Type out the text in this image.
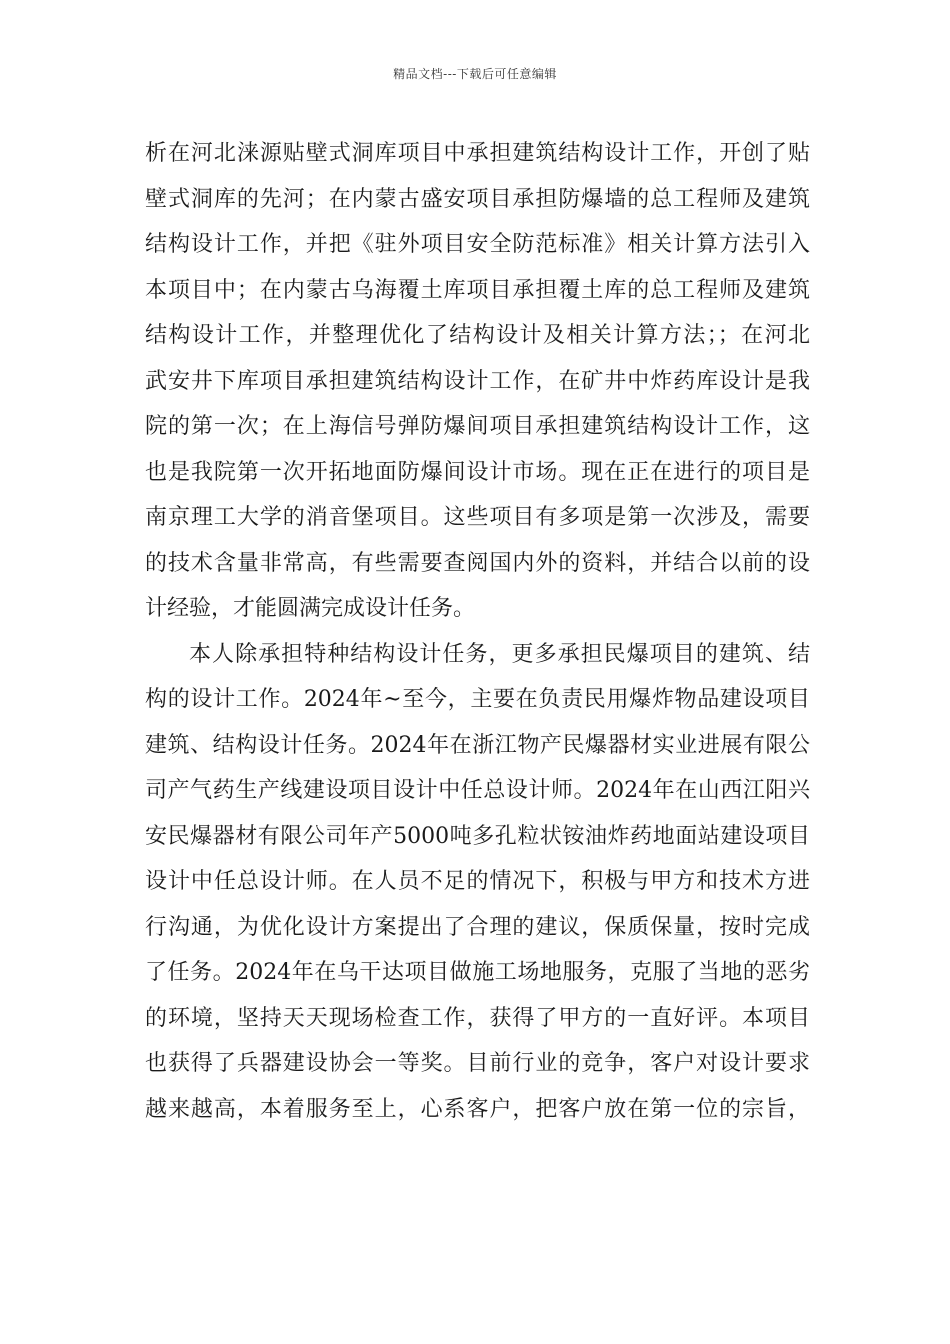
精品文档---下载后可任意编辑
析在河北涞源贴壁式洞库项目中承担建筑结构设计工作，开创了贴
壁式洞库的先河；在内蒙古盛安项目承担防爆墙的总工程师及建筑
结构设计工作，并把《驻外项目安全防范标准》相关计算方法引入
本项目中；在内蒙古乌海覆土库项目承担覆土库的总工程师及建筑
结构设计工作，并整理优化了结构设计及相关计算方法；；在河北
武安井下库项目承担建筑结构设计工作，在矿井中炸药库设计是我
院的第一次；在上海信号弹防爆间项目承担建筑结构设计工作，这
也是我院第一次开拓地面防爆间设计市场。现在正在进行的项目是
南京理工大学的消音堡项目。这些项目有多项是第一次涉及，需要
的技术含量非常高，有些需要查阅国内外的资料，并结合以前的设
计经验，才能圆满完成设计任务。
本人除承担特种结构设计任务，更多承担民爆项目的建筑、结
构的设计工作。2024年~至今，主要在负责民用爆炸物品建设项目
建筑、结构设计任务。2024年在浙江物产民爆器材实业进展有限公
司产气药生产线建设项目设计中任总设计师。2024年在山西江阳兴
安民爆器材有限公司年产5000吨多孔粒状铵油炸药地面站建设项目
设计中任总设计师。在人员不足的情况下，积极与甲方和技术方进
行沟通，为优化设计方案提出了合理的建议，保质保量，按时完成
了任务。2024年在乌干达项目做施工场地服务，克服了当地的恶劣
的环境，坚持天天现场检查工作，获得了甲方的一直好评。本项目
也获得了兵器建设协会一等奖。目前行业的竞争，客户对设计要求
越来越高，本着服务至上，心系客户，把客户放在第一位的宗旨，
